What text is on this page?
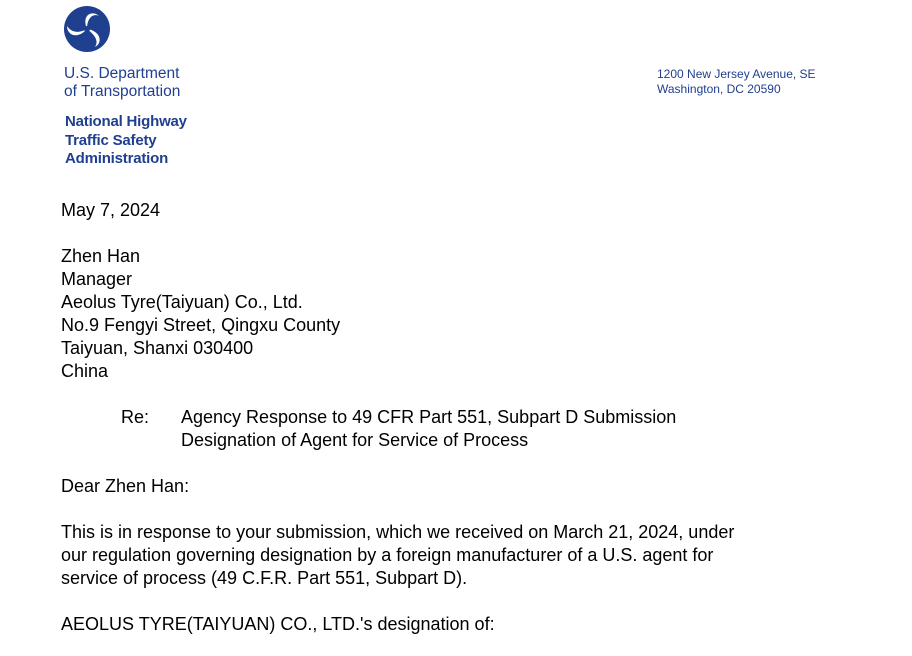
U.S. Department
of Transportation
National Highway
Traffic Safety
Administration
1200 New Jersey Avenue, SE
Washington, DC 20590
May 7, 2024
Zhen Han
Manager
Aeolus Tyre(Taiyuan) Co., Ltd.
No.9 Fengyi Street, Qingxu County
Taiyuan, Shanxi 030400
China
Re: Agency Response to 49 CFR Part 551, Subpart D Submission
Designation of Agent for Service of Process
Dear Zhen Han:
This is in response to your submission, which we received on March 21, 2024, under
our regulation governing designation by a foreign manufacturer of a U.S. agent for
service of process (49 C.F.R. Part 551, Subpart D).
AEOLUS TYRE(TAIYUAN) CO., LTD.'s designation of:
